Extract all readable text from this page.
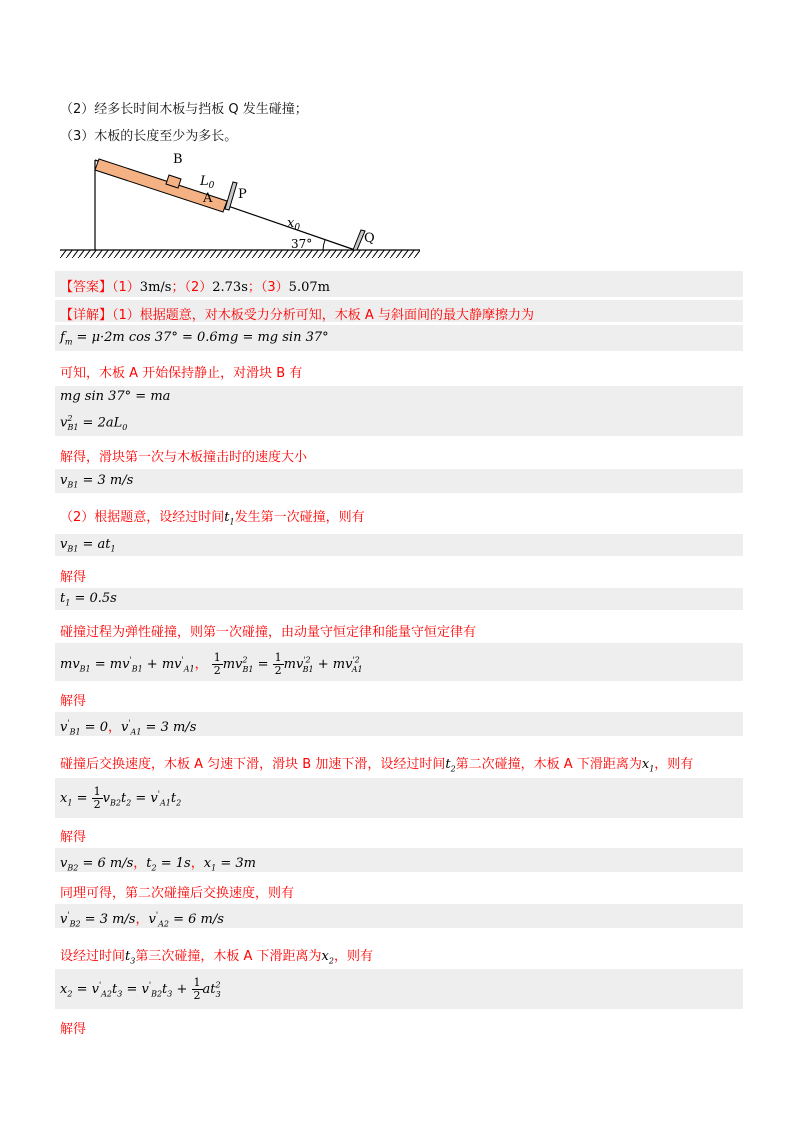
（2）经多长时间木板与挡板 Q 发生碰撞；
（3）木板的长度至少为多长。
B
$L_0$
A P
$x_0$
37°	Q
【答案】（1）3m/s；（2）2.73s；（3）5.07m
【详解】（1）根据题意，对木板受力分析可知，木板 A 与斜面间的最大静摩擦力为
$f_m = \mu\cdot 2m$ cos 37° = 0.6mg = mg sin 37°
可知，木板 A 开始保持静止，对滑块 B 有
mg sin 37° = ma
$v^2_{B1} = 2aL_0$
解得，滑块第一次与木板撞击时的速度大小
$v_{B1} = 3$ m/s
（2）根据题意，设经过时间$t_1$发生第一次碰撞，则有
$v_{B1} = at_1$
解得
$t_1 = 0.5s$
碰撞过程为弹性碰撞，则第一次碰撞，由动量守恒定律和能量守恒定律有
$mv_{B1} = mv'_{B1} + mv'_{A1}$， $\frac{1}{2} mv^2_{B1} = \frac{1}{2} mv^{'2}_{B1} + mv^{'2}_{A1}$
解得
$v'_{B1} = 0$，$v'_{A1} = 3$ m/s
碰撞后交换速度，木板 A 匀速下滑，滑块 B 加速下滑，设经过时间$t_2$第二次碰撞，木板 A 下滑距离为$x_1$，则有
$x_1 = \frac{1}{2} v_{B2}t_2 = v'_{A1}t_2$
解得
$v_{B2} = 6$ m/s，$t_2 = 1s$，$x_1 = 3m$
同理可得，第二次碰撞后交换速度，则有
$v'_{B2} = 3$ m/s，$v'_{A2} = 6$ m/s
设经过时间$t_3$第三次碰撞，木板 A 下滑距离为$x_2$，则有
$x_2 = v'_{A2}t_3 = v'_{B2}t_3 + \frac{1}{2} at^2_3$
解得
